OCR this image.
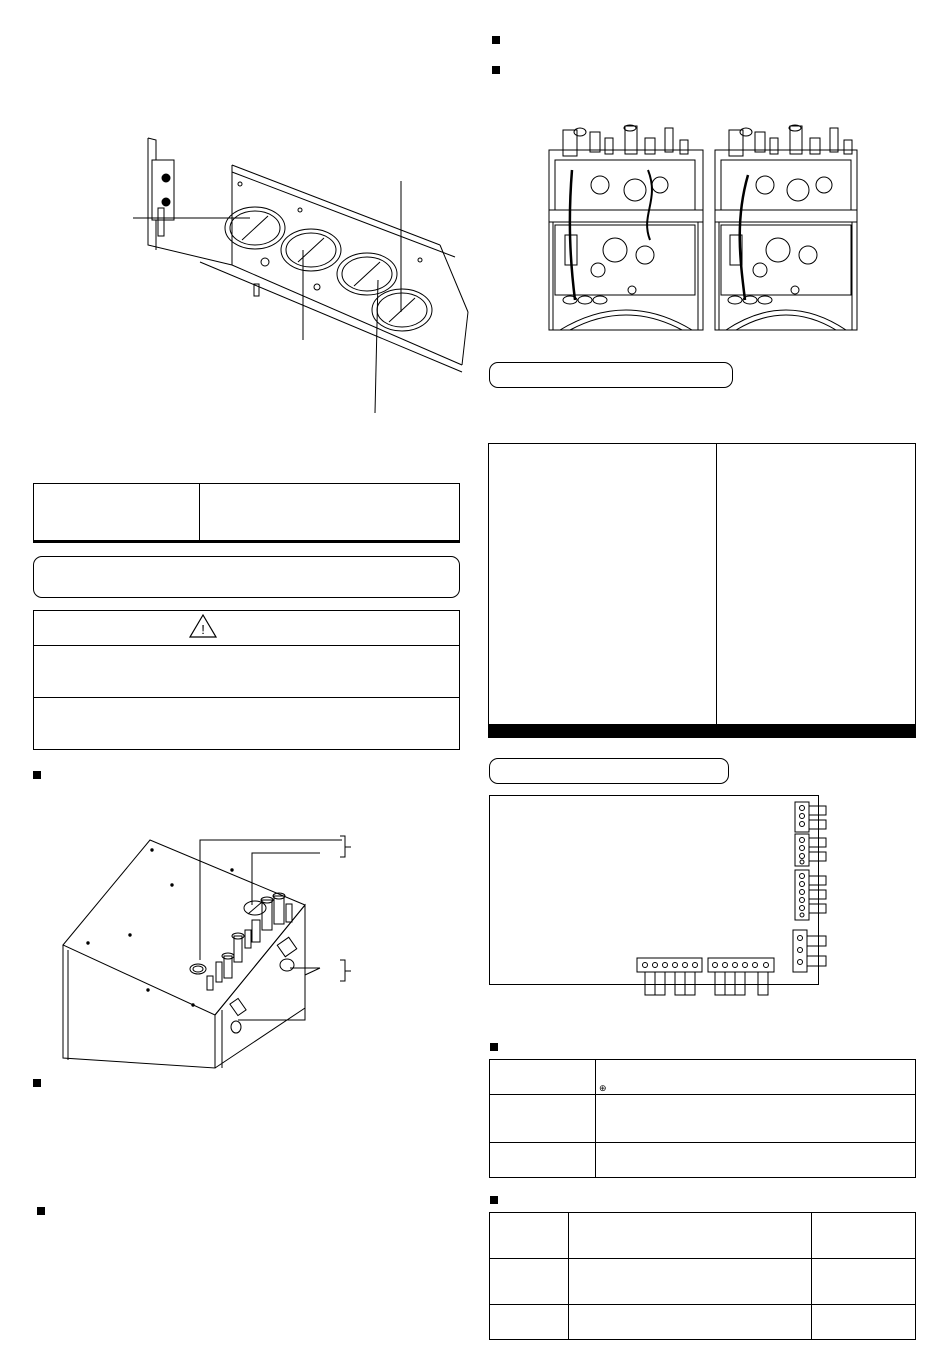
!

	⊕
